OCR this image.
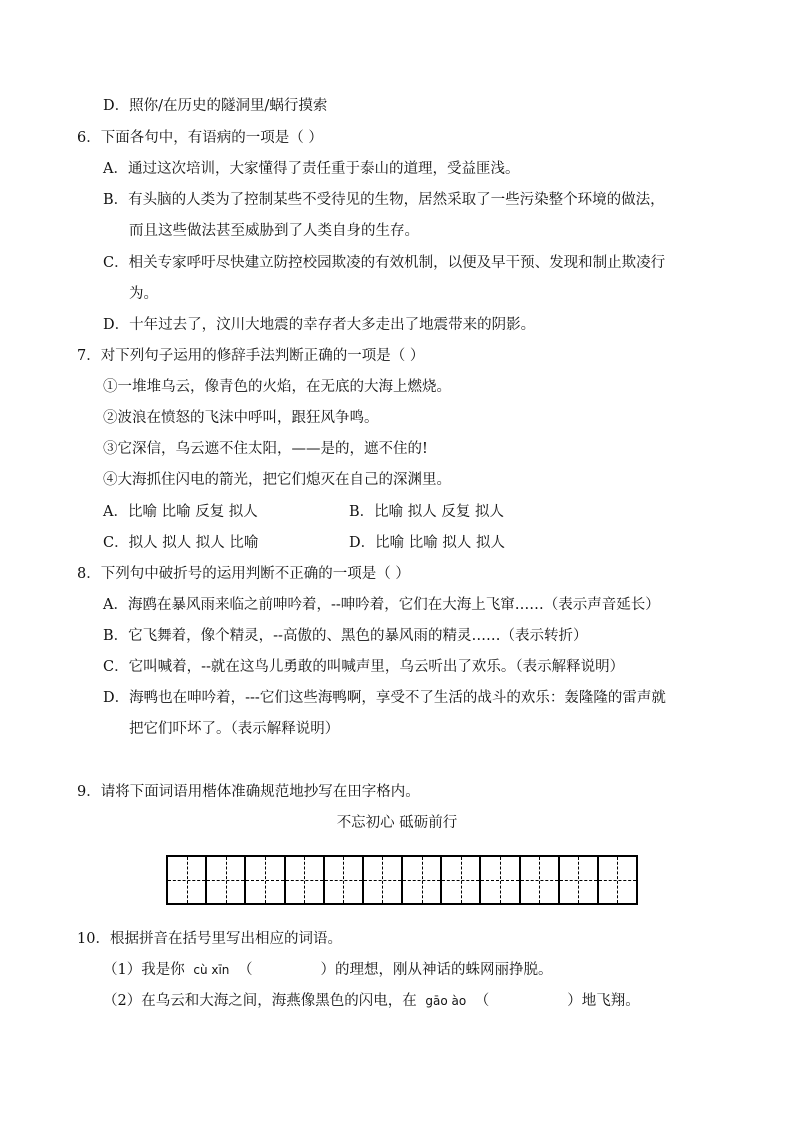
D．照你/在历史的隧洞里/蜗行摸索
6．下面各句中，有语病的一项是（ ）
A．通过这次培训，大家懂得了责任重于泰山的道理，受益匪浅。
B．有头脑的人类为了控制某些不受待见的生物，居然采取了一些污染整个环境的做法，
而且这些做法甚至威胁到了人类自身的生存。
C．相关专家呼吁尽快建立防控校园欺凌的有效机制，以便及早干预、发现和制止欺凌行
为。
D．十年过去了，汶川大地震的幸存者大多走出了地震带来的阴影。
7．对下列句子运用的修辞手法判断正确的一项是（ ）
①一堆堆乌云，像青色的火焰，在无底的大海上燃烧。
②波浪在愤怒的飞沫中呼叫，跟狂风争鸣。
③它深信，乌云遮不住太阳，——是的，遮不住的!
④大海抓住闪电的箭光，把它们熄灭在自己的深渊里。
A．比喻 比喻 反复 拟人	B．比喻 拟人 反复 拟人
C．拟人 拟人 拟人 比喻	D．比喻 比喻 拟人 拟人
8．下列句中破折号的运用判断不正确的一项是（ ）
A．海鸥在暴风雨来临之前呻吟着，--呻吟着，它们在大海上飞窜……（表示声音延长）
B．它飞舞着，像个精灵，--高傲的、黑色的暴风雨的精灵……（表示转折）
C．它叫喊着，--就在这鸟儿勇敢的叫喊声里，乌云听出了欢乐。（表示解释说明）
D．海鸭也在呻吟着，---它们这些海鸭啊，享受不了生活的战斗的欢乐：轰隆隆的雷声就
把它们吓坏了。（表示解释说明）
9．请将下面词语用楷体准确规范地抄写在田字格内。
不忘初心 砥砺前行
10．根据拼音在括号里写出相应的词语。
（1）我是你 cù xīn （	）的理想，刚从神话的蛛网丽挣脱。
（2）在乌云和大海之间，海燕像黑色的闪电，在 gāo ào （	）地飞翔。
